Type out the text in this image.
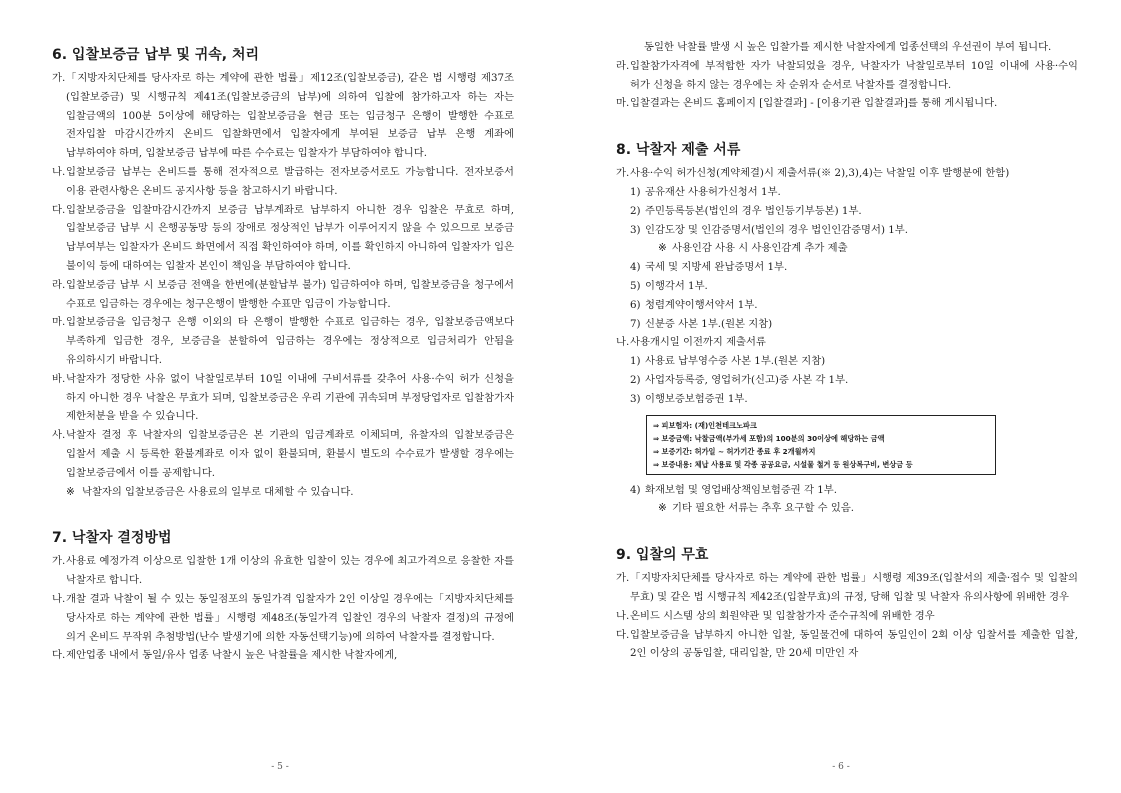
6. 입찰보증금 납부 및 귀속, 처리
가. 「지방자치단체를 당사자로 하는 계약에 관한 법률」제12조(입찰보증금), 같은 법 시행령 제37조(입찰보증금) 및 시행규칙 제41조(입찰보증금의 납부)에 의하여 입찰에 참가하고자 하는 자는 입찰금액의 100분 5이상에 해당하는 입찰보증금을 현금 또는 입금청구 은행이 발행한 수표로 전자입찰 마감시간까지 온비드 입찰화면에서 입찰자에게 부여된 보증금 납부 은행 계좌에 납부하여야 하며, 입찰보증금 납부에 따른 수수료는 입찰자가 부담하여야 합니다.
나. 입찰보증금 납부는 온비드를 통해 전자적으로 발급하는 전자보증서로도 가능합니다. 전자보증서 이용 관련사항은 온비드 공지사항 등을 참고하시기 바랍니다.
다. 입찰보증금을 입찰마감시간까지 보증금 납부계좌로 납부하지 아니한 경우 입찰은 무효로 하며, 입찰보증금 납부 시 은행공동망 등의 장애로 정상적인 납부가 이루어지지 않을 수 있으므로 보증금 납부여부는 입찰자가 온비드 화면에서 직접 확인하여야 하며, 이를 확인하지 아니하여 입찰자가 입은 불이익 등에 대하여는 입찰자 본인이 책임을 부담하여야 합니다.
라. 입찰보증금 납부 시 보증금 전액을 한번에(분할납부 불가) 입금하여야 하며, 입찰보증금을 청구에서 수표로 입금하는 경우에는 청구은행이 발행한 수표만 입금이 가능합니다.
마. 입찰보증금을 입금청구 은행 이외의 타 은행이 발행한 수표로 입금하는 경우, 입찰보증금액보다 부족하게 입금한 경우, 보증금을 분할하여 입금하는 경우에는 정상적으로 입금처리가 안됨을 유의하시기 바랍니다.
바. 낙찰자가 정당한 사유 없이 낙찰일로부터 10일 이내에 구비서류를 갖추어 사용·수익 허가 신청을 하지 아니한 경우 낙찰은 무효가 되며, 입찰보증금은 우리 기관에 귀속되며 부정당업자로 입찰참가자 제한처분을 받을 수 있습니다.
사. 낙찰자 결정 후 낙찰자의 입찰보증금은 본 기관의 입금계좌로 이체되며, 유찰자의 입찰보증금은 입찰서 제출 시 등록한 환불계좌로 이자 없이 환불되며, 환불시 별도의 수수료가 발생할 경우에는 입찰보증금에서 이를 공제합니다.
※ 낙찰자의 입찰보증금은 사용료의 일부로 대체할 수 있습니다.
7. 낙찰자 결정방법
가. 사용료 예정가격 이상으로 입찰한 1개 이상의 유효한 입찰이 있는 경우에 최고가격으로 응찰한 자를 낙찰자로 합니다.
나. 개찰 결과 낙찰이 될 수 있는 동일점포의 동일가격 입찰자가 2인 이상일 경우에는「지방자치단체를 당사자로 하는 계약에 관한 법률」시행령 제48조(동일가격 입찰인 경우의 낙찰자 결정)의 규정에 의거 온비드 무작위 추첨방법(난수 발생기에 의한 자동선택기능)에 의하여 낙찰자를 결정합니다.
다. 제안업종 내에서 동일/유사 업종 낙찰시 높은 낙찰률을 제시한 낙찰자에게,
- 5 -
동일한 낙찰률 발생 시 높은 입찰가를 제시한 낙찰자에게 업종선택의 우선권이 부여 됩니다.
라. 입찰참가자격에 부적합한 자가 낙찰되었을 경우, 낙찰자가 낙찰일로부터 10일 이내에 사용·수익 허가 신청을 하지 않는 경우에는 차 순위자 순서로 낙찰자를 결정합니다.
마. 입찰결과는 온비드 홈페이지 [입찰결과] - [이용기관 입찰결과]를 통해 게시됩니다.
8. 낙찰자 제출 서류
가. 사용·수익 허가신청(계약체결)시 제출서류(※ 2),3),4)는 낙찰일 이후 발행분에 한함)
1) 공유재산 사용허가신청서 1부.
2) 주민등록등본(법인의 경우 법인등기부등본) 1부.
3) 인감도장 및 인감증명서(법인의 경우 법인인감증명서) 1부.
※ 사용인감 사용 시 사용인감계 추가 제출
4) 국세 및 지방세 완납증명서 1부.
5) 이행각서 1부.
6) 청렴계약이행서약서 1부.
7) 신분증 사본 1부.(원본 지참)
나. 사용개시일 이전까지 제출서류
1) 사용료 납부영수증 사본 1부.(원본 지참)
2) 사업자등록증, 영업허가(신고)증 사본 각 1부.
3) 이행보증보험증권 1부.
⇒ 피보험자: (재)인천테크노파크
⇒ 보증금액: 낙찰금액(부가세 포함)의 100분의 30이상에 해당하는 금액
⇒ 보증기간: 허가일 ~ 허가기간 종료 후 2개월까지
⇒ 보증내용: 체납 사용료 및 각종 공공요금, 시설물 철거 등 원상복구비, 변상금 등
4) 화재보험 및 영업배상책임보험증권 각 1부.
※ 기타 필요한 서류는 추후 요구할 수 있음.
9. 입찰의 무효
가. 「지방자치단체를 당사자로 하는 계약에 관한 법률」시행령 제39조(입찰서의 제출·접수 및 입찰의 무효) 및 같은 법 시행규칙 제42조(입찰무효)의 규정, 당해 입찰 및 낙찰자 유의사항에 위배한 경우
나. 온비드 시스템 상의 회원약관 및 입찰참가자 준수규칙에 위배한 경우
다. 입찰보증금을 납부하지 아니한 입찰, 동일물건에 대하여 동일인이 2회 이상 입찰서를 제출한 입찰, 2인 이상의 공동입찰, 대리입찰, 만 20세 미만인 자
- 6 -
